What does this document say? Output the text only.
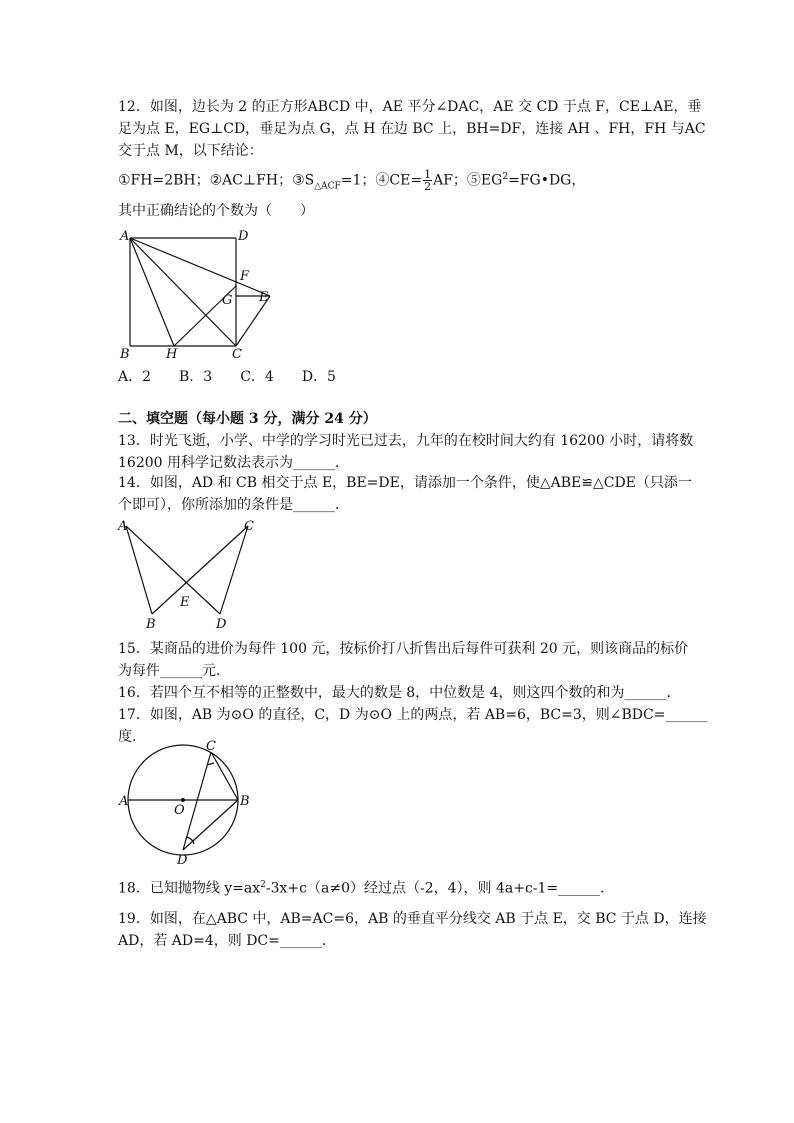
12．如图，边长为 2 的正方形ABCD 中，AE 平分∠DAC，AE 交 CD 于点 F，CE⊥AE，垂
足为点 E，EG⊥CD，垂足为点 G，点 H 在边 BC 上，BH=DF，连接 AH 、FH，FH 与AC
交于点 M，以下结论：
①FH=2BH；②AC⊥FH；$③S_{\triangle ACF}=1$；④CE= $\frac{1}{2}$ AF；$⑤EG^2=FG•DG$，
其中正确结论的个数为（　　）
A	D
F
G E
B	H	C
A．2　　B．3　　C．4　　D．5
二、填空题（每小题 3 分，满分 24 分）
13．时光飞逝，小学、中学的学习时光已过去，九年的在校时间大约有 16200 小时，请将数
16200 用科学记数法表示为______．
14．如图，AD 和 CB 相交于点 E，BE=DE，请添加一个条件，使△ABE≌△CDE（只添一
个即可），你所添加的条件是______．
A	C
E
B	D
15．某商品的进价为每件 100 元，按标价打八折售出后每件可获利 20 元，则该商品的标价
为每件______元．
16．若四个互不相等的正整数中，最大的数是 8，中位数是 4，则这四个数的和为______．
17．如图，AB 为⊙O 的直径，C，D 为⊙O 上的两点，若 AB=6，BC=3，则∠BDC=______
度．
A	B
C
D
O
18．已知抛物线 $y=ax^2-3x+c(a\ne 0)$经过点（-2，4），则 4a+c-1=______．
19．如图，在△ABC 中，AB=AC=6，AB 的垂直平分线交 AB 于点 E，交 BC 于点 D，连接
AD，若 AD=4，则 DC=______．
